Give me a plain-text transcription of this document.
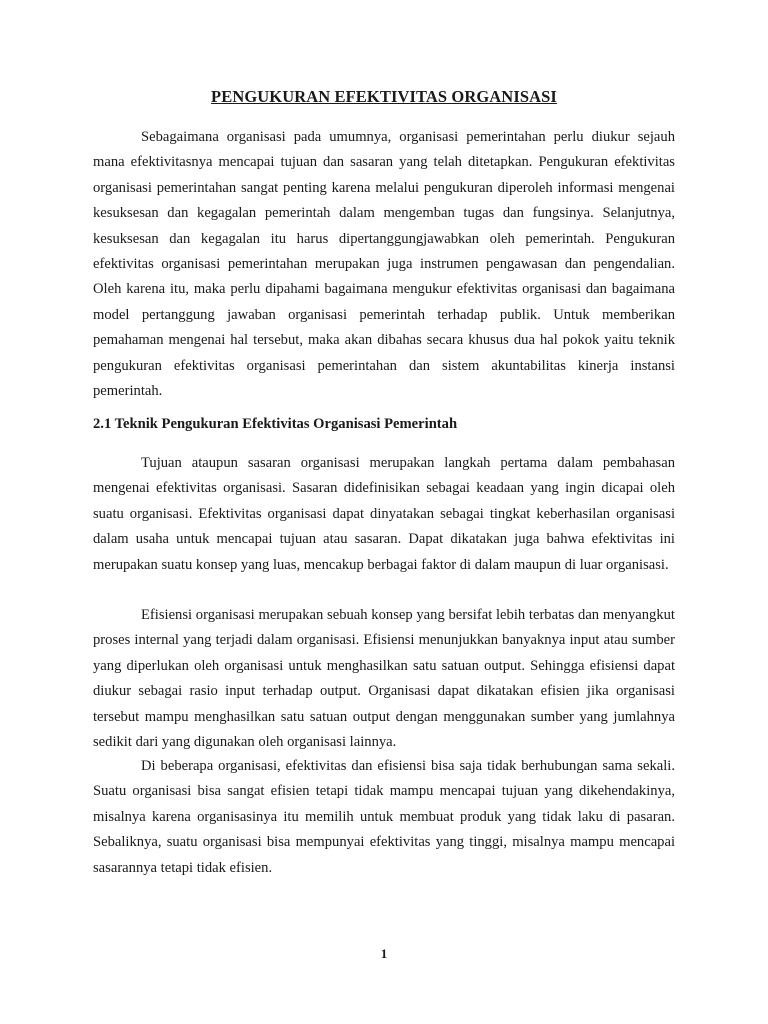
PENGUKURAN EFEKTIVITAS ORGANISASI

Sebagaimana organisasi pada umumnya, organisasi pemerintahan perlu diukur sejauh mana efektivitasnya mencapai tujuan dan sasaran yang telah ditetapkan. Pengukuran efektivitas organisasi pemerintahan sangat penting karena melalui pengukuran diperoleh informasi mengenai kesuksesan dan kegagalan pemerintah dalam mengemban tugas dan fungsinya. Selanjutnya, kesuksesan dan kegagalan itu harus dipertanggungjawabkan oleh pemerintah. Pengukuran efektivitas organisasi pemerintahan merupakan juga instrumen pengawasan dan pengendalian. Oleh karena itu, maka perlu dipahami bagaimana mengukur efektivitas organisasi dan bagaimana model pertanggung jawaban organisasi pemerintah terhadap publik. Untuk memberikan pemahaman mengenai hal tersebut, maka akan dibahas secara khusus dua hal pokok yaitu teknik pengukuran efektivitas organisasi pemerintahan dan sistem akuntabilitas kinerja instansi pemerintah.

2.1 Teknik Pengukuran Efektivitas Organisasi Pemerintah

Tujuan ataupun sasaran organisasi merupakan langkah pertama dalam pembahasan mengenai efektivitas organisasi. Sasaran didefinisikan sebagai keadaan yang ingin dicapai oleh suatu organisasi. Efektivitas organisasi dapat dinyatakan sebagai tingkat keberhasilan organisasi dalam usaha untuk mencapai tujuan atau sasaran. Dapat dikatakan juga bahwa efektivitas ini merupakan suatu konsep yang luas, mencakup berbagai faktor di dalam maupun di luar organisasi.

Efisiensi organisasi merupakan sebuah konsep yang bersifat lebih terbatas dan menyangkut proses internal yang terjadi dalam organisasi. Efisiensi menunjukkan banyaknya input atau sumber yang diperlukan oleh organisasi untuk menghasilkan satu satuan output. Sehingga efisiensi dapat diukur sebagai rasio input terhadap output. Organisasi dapat dikatakan efisien jika organisasi tersebut mampu menghasilkan satu satuan output dengan menggunakan sumber yang jumlahnya sedikit dari yang digunakan oleh organisasi lainnya.

Di beberapa organisasi, efektivitas dan efisiensi bisa saja tidak berhubungan sama sekali. Suatu organisasi bisa sangat efisien tetapi tidak mampu mencapai tujuan yang dikehendakinya, misalnya karena organisasinya itu memilih untuk membuat produk yang tidak laku di pasaran. Sebaliknya, suatu organisasi bisa mempunyai efektivitas yang tinggi, misalnya mampu mencapai sasarannya tetapi tidak efisien.

1
